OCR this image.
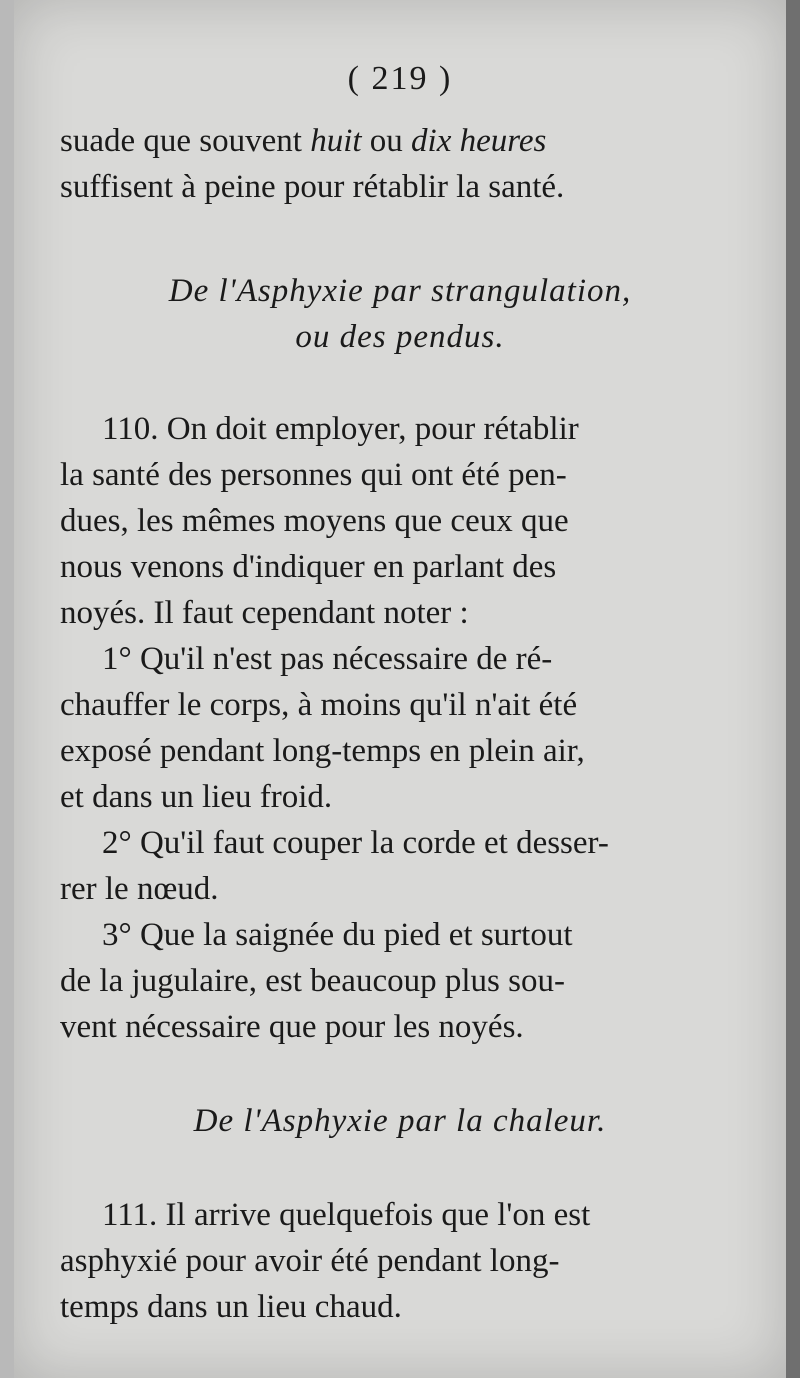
( 219 )
suade que souvent huit ou dix heures
suffisent à peine pour rétablir la santé.
De l'Asphyxie par strangulation,
ou des pendus.
110. On doit employer, pour rétablir
la santé des personnes qui ont été pen-
dues, les mêmes moyens que ceux que
nous venons d'indiquer en parlant des
noyés. Il faut cependant noter :
1° Qu'il n'est pas nécessaire de ré-
chauffer le corps, à moins qu'il n'ait été
exposé pendant long-temps en plein air,
et dans un lieu froid.
2° Qu'il faut couper la corde et desser-
rer le nœud.
3° Que la saignée du pied et surtout
de la jugulaire, est beaucoup plus sou-
vent nécessaire que pour les noyés.
De l'Asphyxie par la chaleur.
111. Il arrive quelquefois que l'on est
asphyxié pour avoir été pendant long-
temps dans un lieu chaud.
